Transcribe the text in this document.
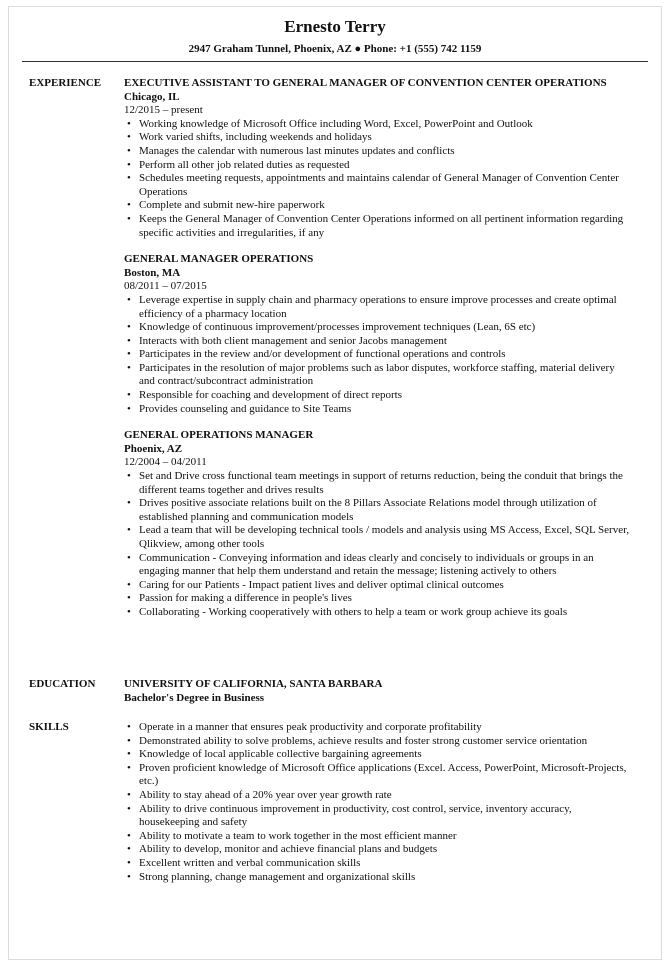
Ernesto Terry
2947 Graham Tunnel, Phoenix, AZ ● Phone: +1 (555) 742 1159
EXPERIENCE EXECUTIVE ASSISTANT TO GENERAL MANAGER OF CONVENTION CENTER OPERATIONS
Chicago, IL
12/2015 – present
• Working knowledge of Microsoft Office including Word, Excel, PowerPoint and Outlook
• Work varied shifts, including weekends and holidays
• Manages the calendar with numerous last minutes updates and conflicts
• Perform all other job related duties as requested
• Schedules meeting requests, appointments and maintains calendar of General Manager of Convention Center Operations
• Complete and submit new-hire paperwork
• Keeps the General Manager of Convention Center Operations informed on all pertinent information regarding specific activities and irregularities, if any
GENERAL MANAGER OPERATIONS
Boston, MA
08/2011 – 07/2015
• Leverage expertise in supply chain and pharmacy operations to ensure improve processes and create optimal efficiency of a pharmacy location
• Knowledge of continuous improvement/processes improvement techniques (Lean, 6S etc)
• Interacts with both client management and senior Jacobs management
• Participates in the review and/or development of functional operations and controls
• Participates in the resolution of major problems such as labor disputes, workforce staffing, material delivery and contract/subcontract administration
• Responsible for coaching and development of direct reports
• Provides counseling and guidance to Site Teams
GENERAL OPERATIONS MANAGER
Phoenix, AZ
12/2004 – 04/2011
• Set and Drive cross functional team meetings in support of returns reduction, being the conduit that brings the different teams together and drives results
• Drives positive associate relations built on the 8 Pillars Associate Relations model through utilization of established planning and communication models
• Lead a team that will be developing technical tools / models and analysis using MS Access, Excel, SQL Server, Qlikview, among other tools
• Communication - Conveying information and ideas clearly and concisely to individuals or groups in an engaging manner that help them understand and retain the message; listening actively to others
• Caring for our Patients - Impact patient lives and deliver optimal clinical outcomes
• Passion for making a difference in people's lives
• Collaborating - Working cooperatively with others to help a team or work group achieve its goals
EDUCATION	UNIVERSITY OF CALIFORNIA, SANTA BARBARA
Bachelor's Degree in Business
SKILLS
•	Operate in a manner that ensures peak productivity and corporate profitability
• Demonstrated ability to solve problems, achieve results and foster strong customer service orientation
• Knowledge of local applicable collective bargaining agreements
• Proven proficient knowledge of Microsoft Office applications (Excel. Access, PowerPoint, Microsoft-Projects, etc.)
• Ability to stay ahead of a 20% year over year growth rate
• Ability to drive continuous improvement in productivity, cost control, service, inventory accuracy, housekeeping and safety
• Ability to motivate a team to work together in the most efficient manner
• Ability to develop, monitor and achieve financial plans and budgets
• Excellent written and verbal communication skills
• Strong planning, change management and organizational skills
